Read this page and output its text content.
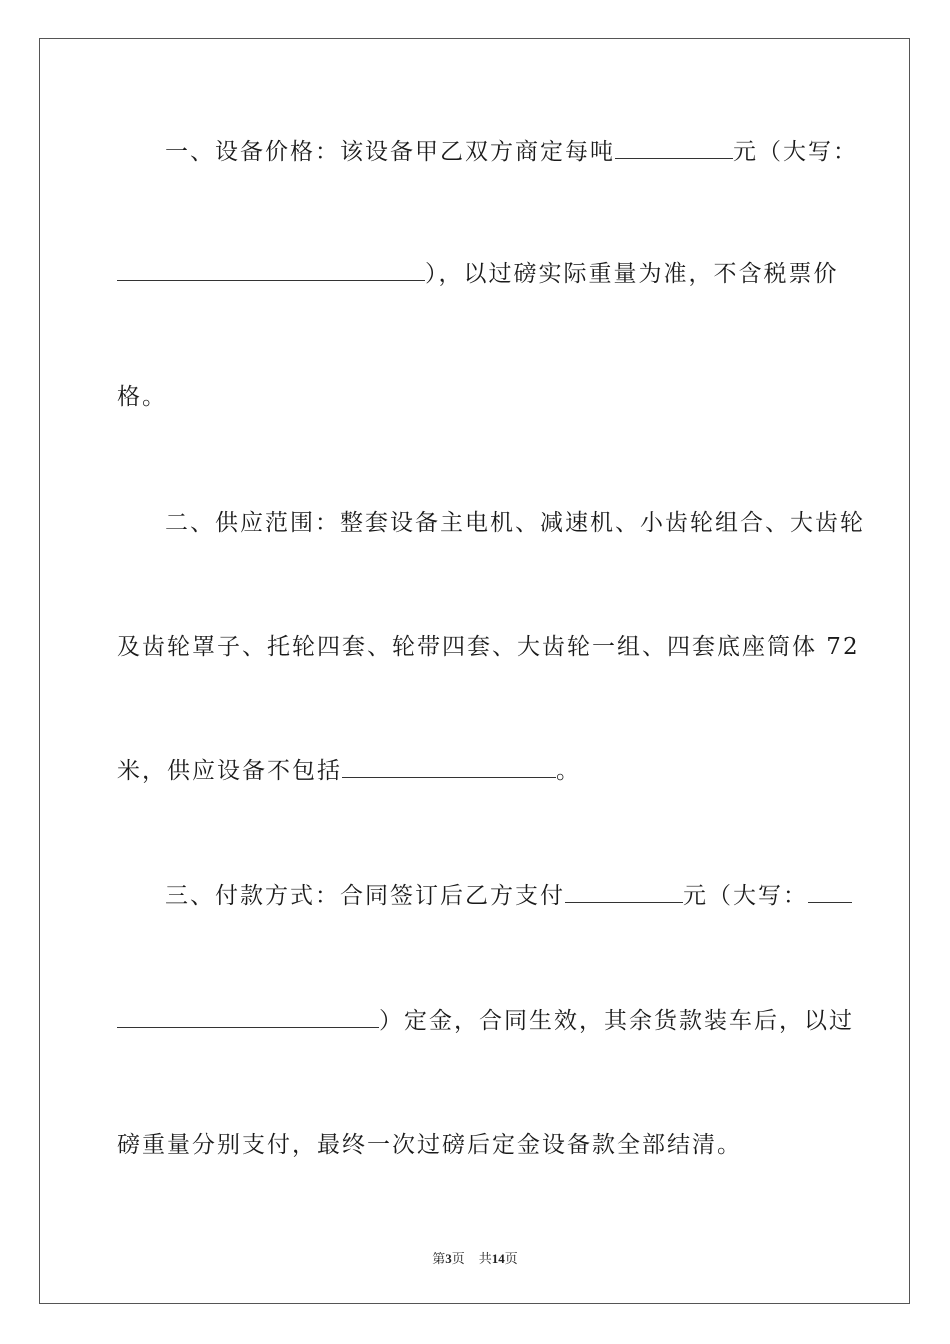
一、设备价格：该设备甲乙双方商定每吨	元（大写：
），以过磅实际重量为准，不含税票价
格。
二、供应范围：整套设备主电机、减速机、小齿轮组合、大齿轮
及齿轮罩子、托轮四套、轮带四套、大齿轮一组、四套底座筒体 72
米，供应设备不包括	。
三、付款方式：合同签订后乙方支付	元（大写：
）定金，合同生效，其余货款装车后，以过
磅重量分别支付，最终一次过磅后定金设备款全部结清。
第3页 共14页
